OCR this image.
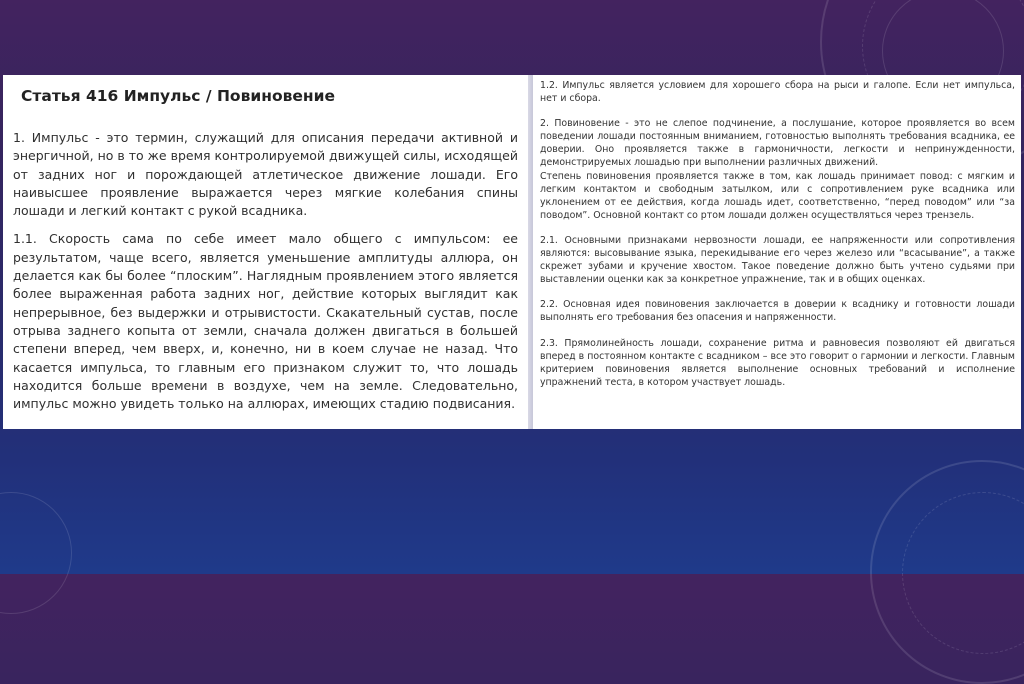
Статья 416 Импульс / Повиновение

1. Импульс - это термин, служащий для описания передачи активной и энергичной, но в то же время контролируемой движущей силы, исходящей от задних ног и порождающей атлетическое движение лошади. Его наивысшее проявление выражается через мягкие колебания спины лошади и легкий контакт с рукой всадника.

1.1. Скорость сама по себе имеет мало общего с импульсом: ее результатом, чаще всего, является уменьшение амплитуды аллюра, он делается как бы более “плоским”. Наглядным проявлением этого является более выраженная работа задних ног, действие которых выглядит как непрерывное, без выдержки и отрывистости. Скакательный сустав, после отрыва заднего копыта от земли, сначала должен двигаться в большей степени вперед, чем вверх, и, конечно, ни в коем случае не назад. Что касается импульса, то главным его признаком служит то, что лошадь находится больше времени в воздухе, чем на земле. Следовательно, импульс можно увидеть только на аллюрах, имеющих стадию подвисания.

1.2. Импульс является условием для хорошего сбора на рыси и галопе. Если нет импульса, нет и сбора.

2. Повиновение - это не слепое подчинение, а послушание, которое проявляется во всем поведении лошади постоянным вниманием, готовностью выполнять требования всадника, ее доверии. Оно проявляется также в гармоничности, легкости и непринужденности, демонстрируемых лошадью при выполнении различных движений.

Степень повиновения проявляется также в том, как лошадь принимает повод: с мягким и легким контактом и свободным затылком, или с сопротивлением руке всадника или уклонением от ее действия, когда лошадь идет, соответственно, “перед поводом” или “за поводом”. Основной контакт со ртом лошади должен осуществляться через трензель.

2.1. Основными признаками нервозности лошади, ее напряженности или сопротивления являются: высовывание языка, перекидывание его через железо или “всасывание”, а также скрежет зубами и кручение хвостом. Такое поведение должно быть учтено судьями при выставлении оценки как за конкретное упражнение, так и в общих оценках.

2.2. Основная идея повиновения заключается в доверии к всаднику и готовности лошади выполнять его требования без опасения и напряженности.

2.3. Прямолинейность лошади, сохранение ритма и равновесия позволяют ей двигаться вперед в постоянном контакте с всадником – все это говорит о гармонии и легкости. Главным критерием повиновения является выполнение основных требований и исполнение упражнений теста, в котором участвует лошадь.
